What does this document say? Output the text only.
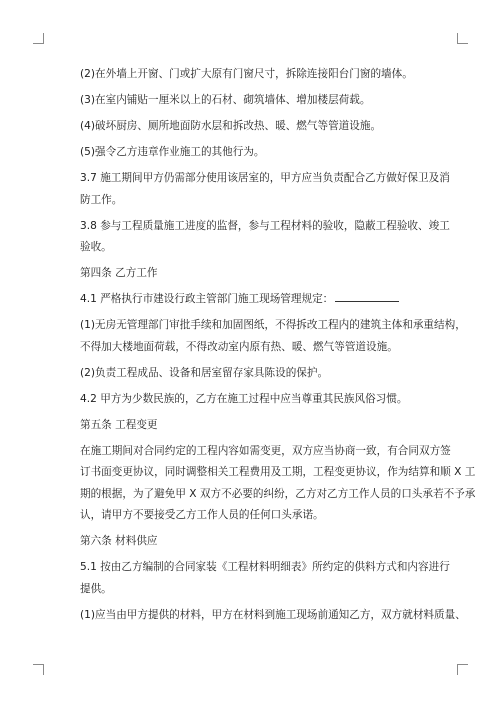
(2)在外墙上开窗、门或扩大原有门窗尺寸，拆除连接阳台门窗的墙体。
(3)在室内铺贴一厘米以上的石材、砌筑墙体、增加楼层荷载。
(4)破坏厨房、厕所地面防水层和拆改热、暖、燃气等管道设施。
(5)强令乙方违章作业施工的其他行为。
3.7 施工期间甲方仍需部分使用该居室的，甲方应当负责配合乙方做好保卫及消
防工作。
3.8 参与工程质量施工进度的监督，参与工程材料的验收，隐蔽工程验收、竣工
验收。
第四条 乙方工作
4.1 严格执行市建设行政主管部门施工现场管理规定：
(1)无房无管理部门审批手续和加固图纸，不得拆改工程内的建筑主体和承重结构，
不得加大楼地面荷载，不得改动室内原有热、暖、燃气等管道设施。
(2)负责工程成品、设备和居室留存家具陈设的保护。
4.2 甲方为少数民族的，乙方在施工过程中应当尊重其民族风俗习惯。
第五条 工程变更
在施工期间对合同约定的工程内容如需变更，双方应当协商一致，有合同双方签
订书面变更协议，同时调整相关工程费用及工期，工程变更协议，作为结算和顺 X 工
期的根据，为了避免甲 X 双方不必要的纠纷，乙方对乙方工作人员的口头承若不予承
认，请甲方不要接受乙方工作人员的任何口头承诺。
第六条 材料供应
5.1 按由乙方编制的合同家装《工程材料明细表》所约定的供料方式和内容进行
提供。
(1)应当由甲方提供的材料，甲方在材料到施工现场前通知乙方，双方就材料质量、
